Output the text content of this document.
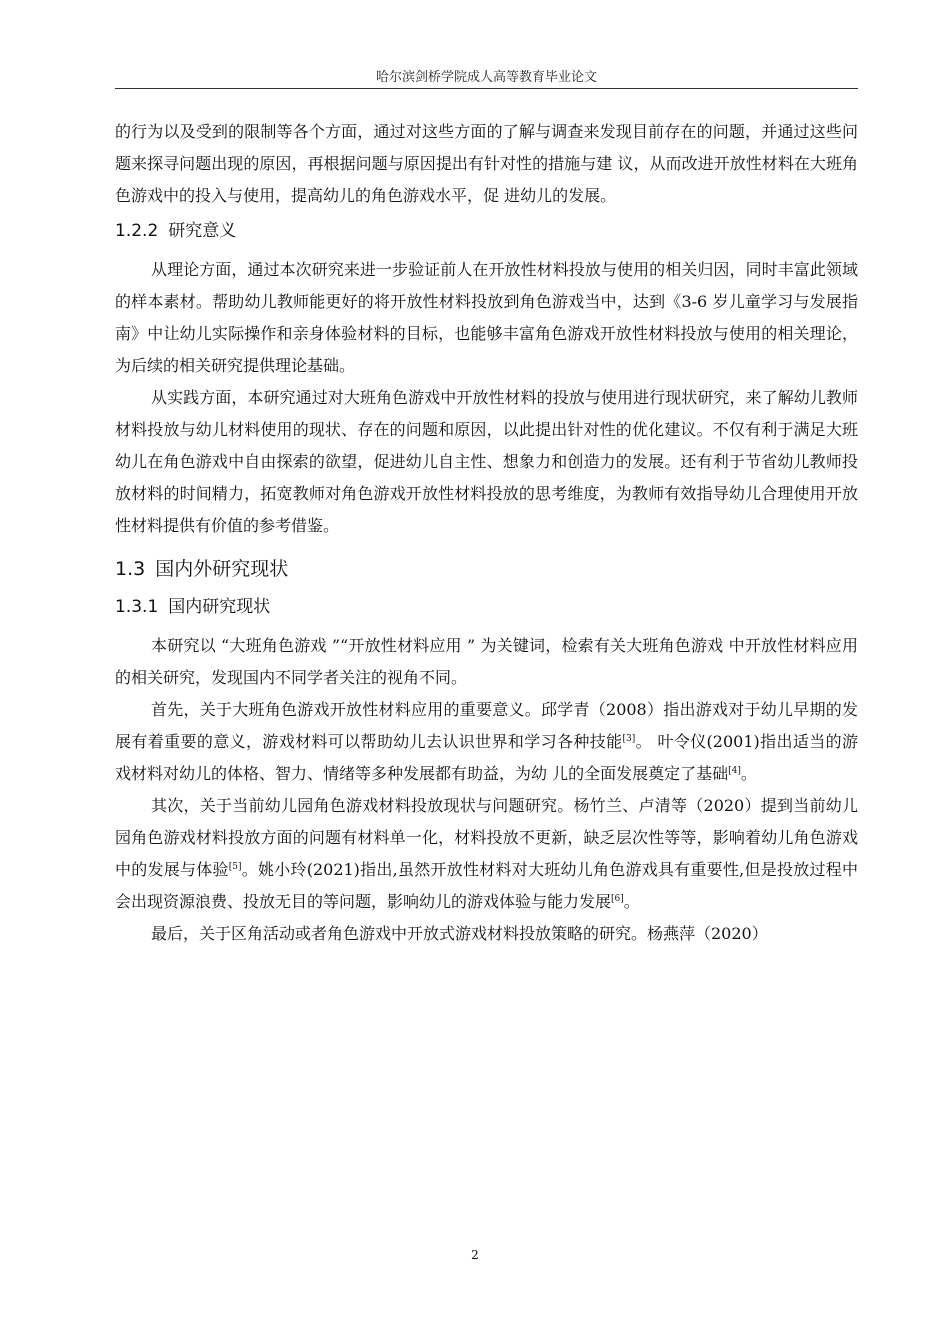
哈尔滨剑桥学院成人高等教育毕业论文

的行为以及受到的限制等各个方面，通过对这些方面的了解与调查来发现目前存在的问题，并通过这些问题来探寻问题出现的原因，再根据问题与原因提出有针对性的措施与建 议，从而改进开放性材料在大班角色游戏中的投入与使用，提高幼儿的角色游戏水平，促 进幼儿的发展。

1.2.2 研究意义

从理论方面，通过本次研究来进一步验证前人在开放性材料投放与使用的相关归因，同时丰富此领域的样本素材。帮助幼儿教师能更好的将开放性材料投放到角色游戏当中，达到《3-6 岁儿童学习与发展指南》中让幼儿实际操作和亲身体验材料的目标，也能够丰富角色游戏开放性材料投放与使用的相关理论，为后续的相关研究提供理论基础。

从实践方面，本研究通过对大班角色游戏中开放性材料的投放与使用进行现状研究，来了解幼儿教师材料投放与幼儿材料使用的现状、存在的问题和原因，以此提出针对性的优化建议。不仅有利于满足大班幼儿在角色游戏中自由探索的欲望，促进幼儿自主性、想象力和创造力的发展。还有利于节省幼儿教师投放材料的时间精力，拓宽教师对角色游戏开放性材料投放的思考维度，为教师有效指导幼儿合理使用开放性材料提供有价值的参考借鉴。

1.3 国内外研究现状
1.3.1 国内研究现状

本研究以 “大班角色游戏 ”“开放性材料应用 ” 为关键词，检索有关大班角色游戏 中开放性材料应用的相关研究，发现国内不同学者关注的视角不同。

首先，关于大班角色游戏开放性材料应用的重要意义。邱学青（2008）指出游戏对于幼儿早期的发展有着重要的意义，游戏材料可以帮助幼儿去认识世界和学习各种技能[3]。 叶令仪(2001)指出适当的游戏材料对幼儿的体格、智力、情绪等多种发展都有助益，为幼 儿的全面发展奠定了基础[4]。

其次，关于当前幼儿园角色游戏材料投放现状与问题研究。杨竹兰、卢清等（2020）提到当前幼儿园角色游戏材料投放方面的问题有材料单一化，材料投放不更新，缺乏层次性等等，影响着幼儿角色游戏中的发展与体验[5]。姚小玲(2021)指出,虽然开放性材料对大班幼儿角色游戏具有重要性,但是投放过程中会出现资源浪费、投放无目的等问题，影响幼儿的游戏体验与能力发展[6]。

最后，关于区角活动或者角色游戏中开放式游戏材料投放策略的研究。杨燕萍（2020）

2
